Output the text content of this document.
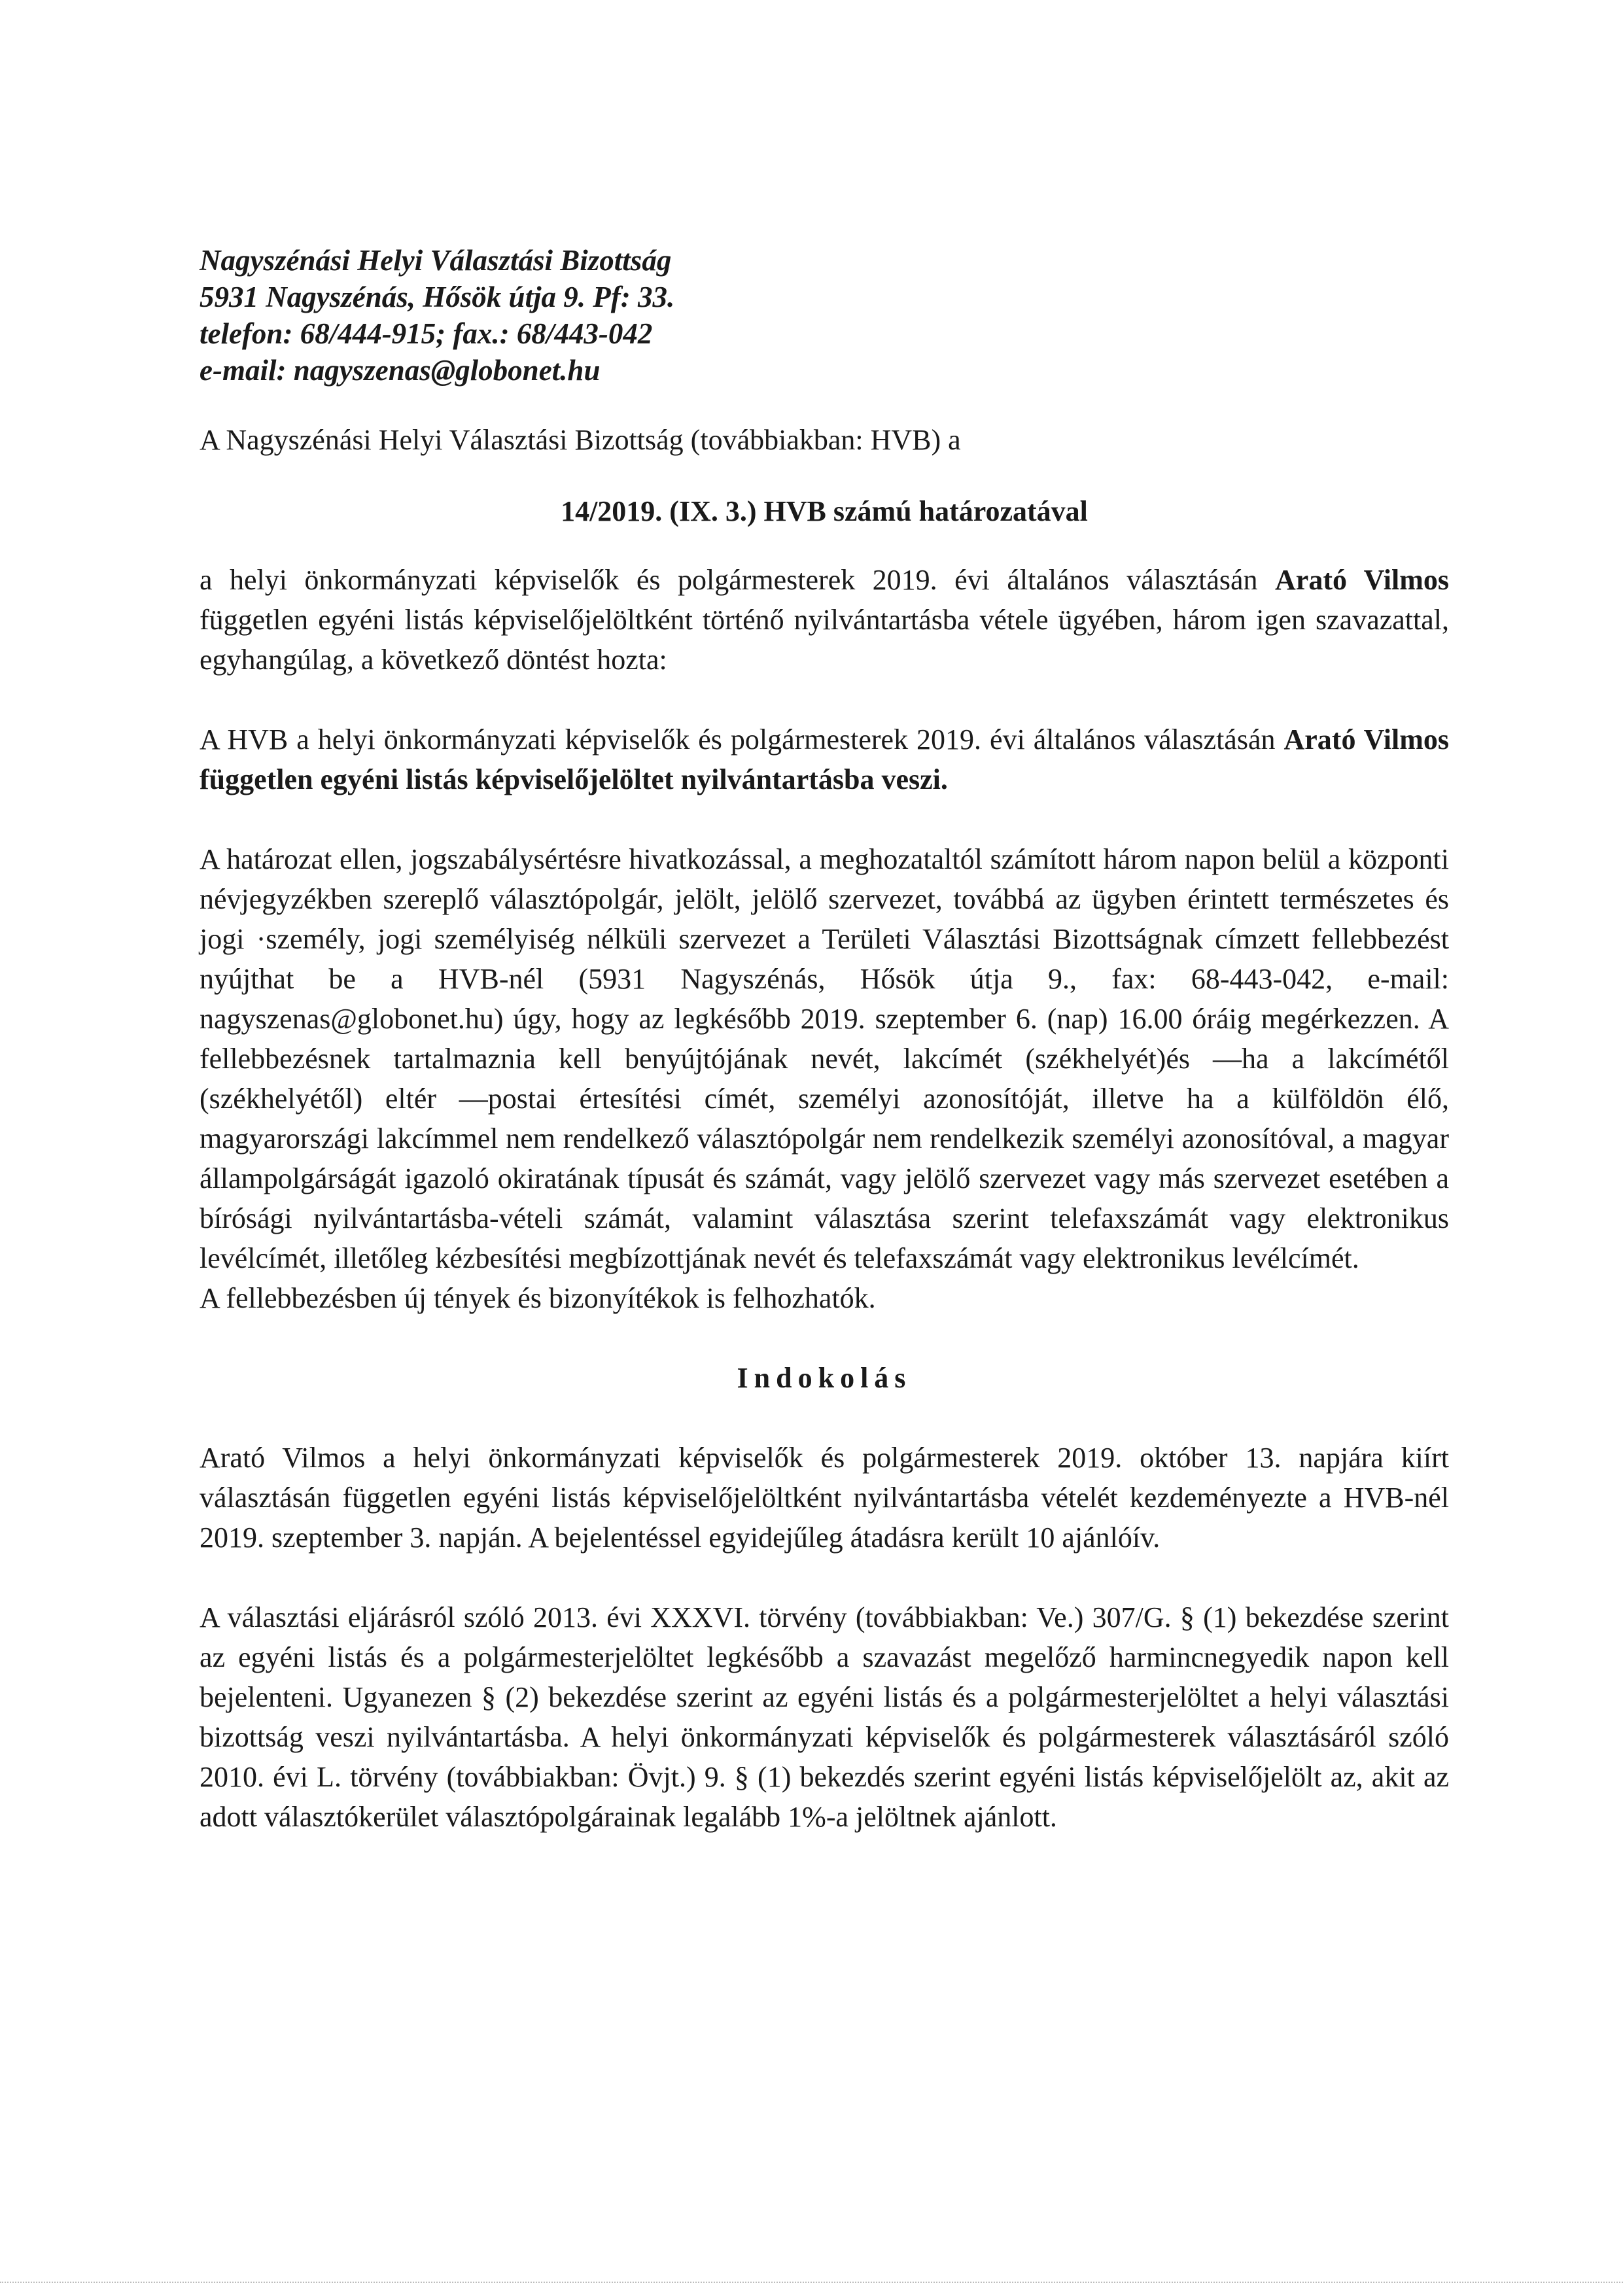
Nagyszénási Helyi Választási Bizottság
5931 Nagyszénás, Hősök útja 9. Pf: 33.
telefon: 68/444-915; fax.: 68/443-042
e-mail: nagyszenas@globonet.hu

A Nagyszénási Helyi Választási Bizottság (továbbiakban: HVB) a

14/2019. (IX. 3.) HVB számú határozatával

a helyi önkormányzati képviselők és polgármesterek 2019. évi általános választásán Arató Vilmos független egyéni listás képviselőjelöltként történő nyilvántartásba vétele ügyében, három igen szavazattal, egyhangúlag, a következő döntést hozta:

A HVB a helyi önkormányzati képviselők és polgármesterek 2019. évi általános választásán Arató Vilmos független egyéni listás képviselőjelöltet nyilvántartásba veszi.

A határozat ellen, jogszabálysértésre hivatkozással, a meghozataltól számított három napon belül a központi névjegyzékben szereplő választópolgár, jelölt, jelölő szervezet, továbbá az ügyben érintett természetes és jogi ·személy, jogi személyiség nélküli szervezet a Területi Választási Bizottságnak címzett fellebbezést nyújthat be a HVB-nél (5931 Nagyszénás, Hősök útja 9., fax: 68-443-042, e-mail: nagyszenas@globonet.hu) úgy, hogy az legkésőbb 2019. szeptember 6. (nap) 16.00 óráig megérkezzen. A fellebbezésnek tartalmaznia kell benyújtójának nevét, lakcímét (székhelyét)és —ha a lakcímétől (székhelyétől) eltér —postai értesítési címét, személyi azonosítóját, illetve ha a külföldön élő, magyarországi lakcímmel nem rendelkező választópolgár nem rendelkezik személyi azonosítóval, a magyar állampolgárságát igazoló okiratának típusát és számát, vagy jelölő szervezet vagy más szervezet esetében a bírósági nyilvántartásba-vételi számát, valamint választása szerint telefaxszámát vagy elektronikus levélcímét, illetőleg kézbesítési megbízottjának nevét és telefaxszámát vagy elektronikus levélcímét.

A fellebbezésben új tények és bizonyítékok is felhozhatók.

Indokolás

Arató Vilmos a helyi önkormányzati képviselők és polgármesterek 2019. október 13. napjára kiírt választásán független egyéni listás képviselőjelöltként nyilvántartásba vételét kezdeményezte a HVB-nél 2019. szeptember 3. napján. A bejelentéssel egyidejűleg átadásra került 10 ajánlóív.

A választási eljárásról szóló 2013. évi XXXVI. törvény (továbbiakban: Ve.) 307/G. § (1) bekezdése szerint az egyéni listás és a polgármesterjelöltet legkésőbb a szavazást megelőző harmincnegyedik napon kell bejelenteni. Ugyanezen § (2) bekezdése szerint az egyéni listás és a polgármesterjelöltet a helyi választási bizottság veszi nyilvántartásba. A helyi önkormányzati képviselők és polgármesterek választásáról szóló 2010. évi L. törvény (továbbiakban: Övjt.) 9. § (1) bekezdés szerint egyéni listás képviselőjelölt az, akit az adott választókerület választópolgárainak legalább 1%-a jelöltnek ajánlott.
